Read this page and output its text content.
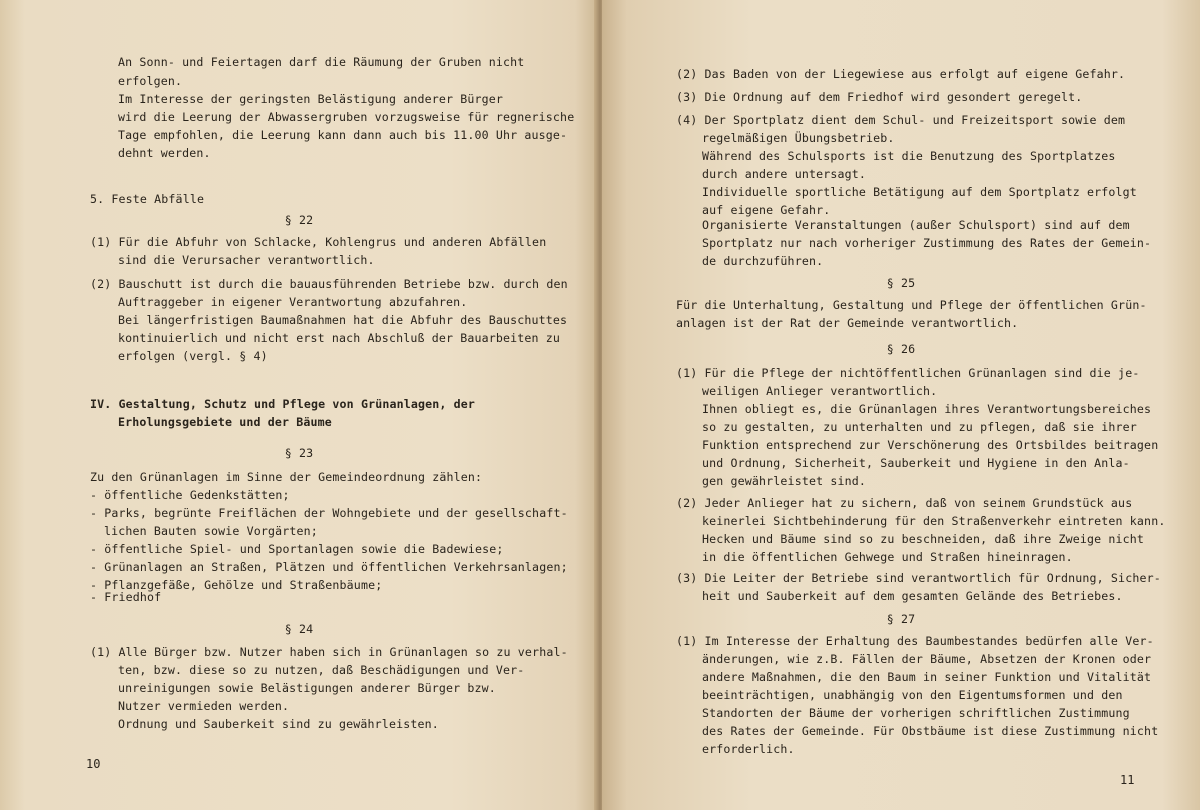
An Sonn- und Feiertagen darf die Räumung der Gruben nicht
erfolgen.
Im Interesse der geringsten Belästigung anderer Bürger
wird die Leerung der Abwassergruben vorzugsweise für regnerische
Tage empfohlen, die Leerung kann dann auch bis 11.00 Uhr ausge-
dehnt werden.
5. Feste Abfälle
§ 22
(1) Für die Abfuhr von Schlacke, Kohlengrus und anderen Abfällen
sind die Verursacher verantwortlich.
(2) Bauschutt ist durch die bauausführenden Betriebe bzw. durch den
Auftraggeber in eigener Verantwortung abzufahren.
Bei längerfristigen Baumaßnahmen hat die Abfuhr des Bauschuttes
kontinuierlich und nicht erst nach Abschluß der Bauarbeiten zu
erfolgen (vergl. § 4)
IV. Gestaltung, Schutz und Pflege von Grünanlagen, der
Erholungsgebiete und der Bäume
§ 23
Zu den Grünanlagen im Sinne der Gemeindeordnung zählen:
- öffentliche Gedenkstätten;
- Parks, begrünte Freiflächen der Wohngebiete und der gesellschaft-
lichen Bauten sowie Vorgärten;
- öffentliche Spiel- und Sportanlagen sowie die Badewiese;
- Grünanlagen an Straßen, Plätzen und öffentlichen Verkehrsanlagen;
- Pflanzgefäße, Gehölze und Straßenbäume;
- Friedhof
§ 24
(1) Alle Bürger bzw. Nutzer haben sich in Grünanlagen so zu verhal-
ten, bzw. diese so zu nutzen, daß Beschädigungen und Ver-
unreinigungen sowie Belästigungen anderer Bürger bzw.
Nutzer vermieden werden.
Ordnung und Sauberkeit sind zu gewährleisten.
10
(2) Das Baden von der Liegewiese aus erfolgt auf eigene Gefahr.
(3) Die Ordnung auf dem Friedhof wird gesondert geregelt.
(4) Der Sportplatz dient dem Schul- und Freizeitsport sowie dem
regelmäßigen Übungsbetrieb.
Während des Schulsports ist die Benutzung des Sportplatzes
durch andere untersagt.
Individuelle sportliche Betätigung auf dem Sportplatz erfolgt
auf eigene Gefahr.
Organisierte Veranstaltungen (außer Schulsport) sind auf dem
Sportplatz nur nach vorheriger Zustimmung des Rates der Gemein-
de durchzuführen.
§ 25
Für die Unterhaltung, Gestaltung und Pflege der öffentlichen Grün-
anlagen ist der Rat der Gemeinde verantwortlich.
§ 26
(1) Für die Pflege der nichtöffentlichen Grünanlagen sind die je-
weiligen Anlieger verantwortlich.
Ihnen obliegt es, die Grünanlagen ihres Verantwortungsbereiches
so zu gestalten, zu unterhalten und zu pflegen, daß sie ihrer
Funktion entsprechend zur Verschönerung des Ortsbildes beitragen
und Ordnung, Sicherheit, Sauberkeit und Hygiene in den Anla-
gen gewährleistet sind.
(2) Jeder Anlieger hat zu sichern, daß von seinem Grundstück aus
keinerlei Sichtbehinderung für den Straßenverkehr eintreten kann.
Hecken und Bäume sind so zu beschneiden, daß ihre Zweige nicht
in die öffentlichen Gehwege und Straßen hineinragen.
(3) Die Leiter der Betriebe sind verantwortlich für Ordnung, Sicher-
heit und Sauberkeit auf dem gesamten Gelände des Betriebes.
§ 27
(1) Im Interesse der Erhaltung des Baumbestandes bedürfen alle Ver-
änderungen, wie z.B. Fällen der Bäume, Absetzen der Kronen oder
andere Maßnahmen, die den Baum in seiner Funktion und Vitalität
beeinträchtigen, unabhängig von den Eigentumsformen und den
Standorten der Bäume der vorherigen schriftlichen Zustimmung
des Rates der Gemeinde. Für Obstbäume ist diese Zustimmung nicht
erforderlich.
11
